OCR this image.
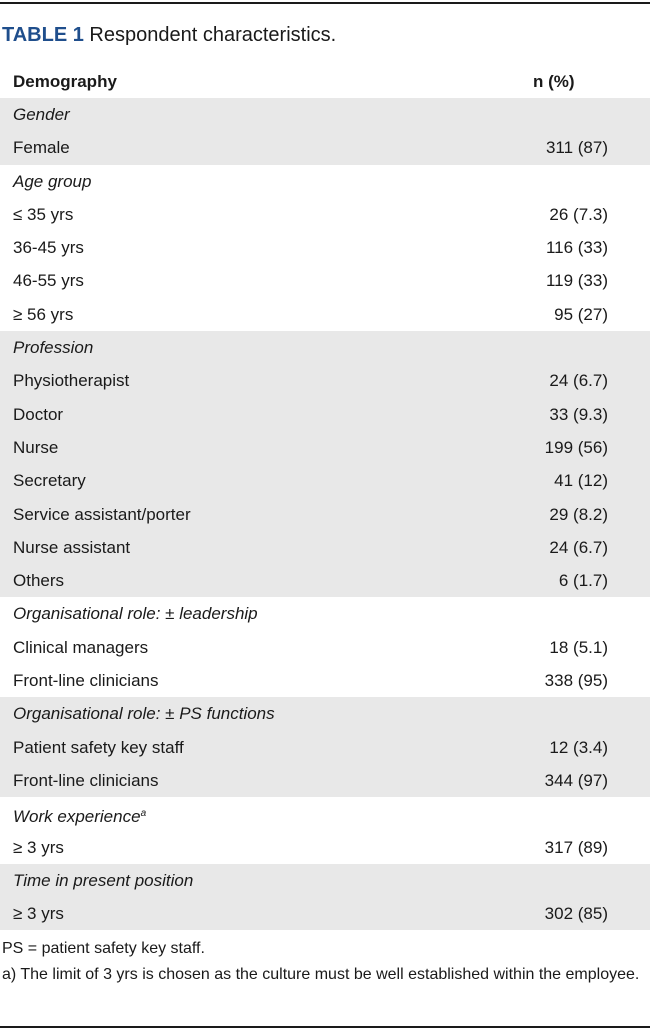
TABLE 1 Respondent characteristics.
Demography	n (%)
Gender
Female	311 (87)
Age group
≤ 35 yrs	26 (7.3)
36-45 yrs	116 (33)
46-55 yrs	119 (33)
≥ 56 yrs	95 (27)
Profession
Physiotherapist	24 (6.7)
Doctor	33 (9.3)
Nurse	199 (56)
Secretary	41 (12)
Service assistant/porter	29 (8.2)
Nurse assistant	24 (6.7)
Others	6 (1.7)
Organisational role: ± leadership
Clinical managers	18 (5.1)
Front-line clinicians	338 (95)
Organisational role: ± PS functions
Patient safety key staff	12 (3.4)
Front-line clinicians	344 (97)
Work experience$^a$
≥ 3 yrs	317 (89)
Time in present position
≥ 3 yrs	302 (85)
PS = patient safety key staff.
a) The limit of 3 yrs is chosen as the culture must be well established within the employee.
